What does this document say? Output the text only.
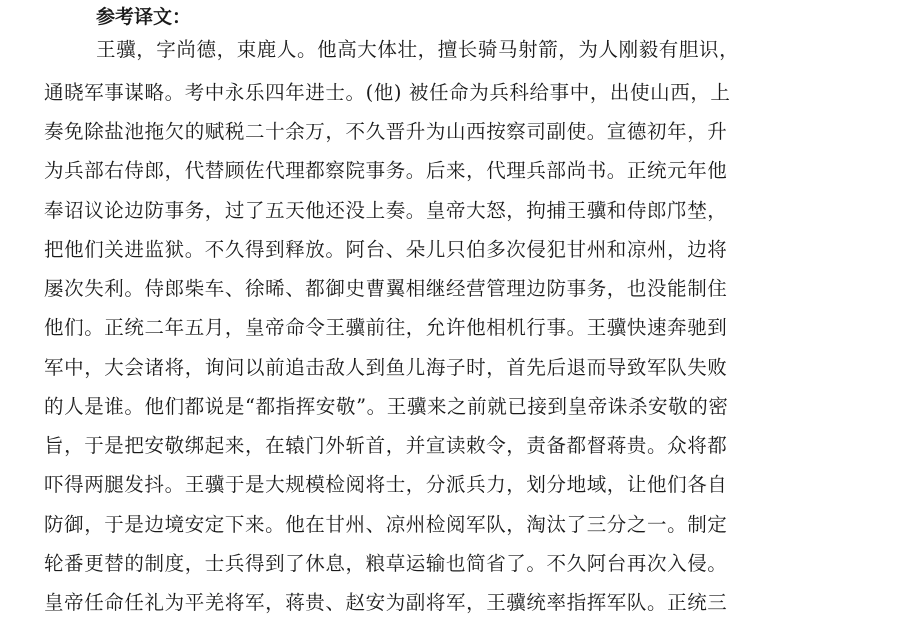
参考译文：
王骥，字尚德，束鹿人。他高大体壮，擅长骑马射箭，为人刚毅有胆识，
通晓军事谋略。考中永乐四年进士。(他) 被任命为兵科给事中，出使山西，上
奏免除盐池拖欠的赋税二十余万，不久晋升为山西按察司副使。宣德初年，升
为兵部右侍郎，代替顾佐代理都察院事务。后来，代理兵部尚书。正统元年他
奉诏议论边防事务，过了五天他还没上奏。皇帝大怒，拘捕王骥和侍郎邝埜，
把他们关进监狱。不久得到释放。阿台、朵儿只伯多次侵犯甘州和凉州，边将
屡次失利。侍郎柴车、徐晞、都御史曹翼相继经营管理边防事务，也没能制住
他们。正统二年五月，皇帝命令王骥前往，允许他相机行事。王骥快速奔驰到
军中，大会诸将，询问以前追击敌人到鱼儿海子时，首先后退而导致军队失败
的人是谁。他们都说是“都指挥安敬”。王骥来之前就已接到皇帝诛杀安敬的密
旨，于是把安敬绑起来，在辕门外斩首，并宣读敕令，责备都督蒋贵。众将都
吓得两腿发抖。王骥于是大规模检阅将士，分派兵力，划分地域，让他们各自
防御，于是边境安定下来。他在甘州、凉州检阅军队，淘汰了三分之一。制定
轮番更替的制度，士兵得到了休息，粮草运输也简省了。不久阿台再次入侵。
皇帝任命任礼为平羌将军，蒋贵、赵安为副将军，王骥统率指挥军队。正统三
